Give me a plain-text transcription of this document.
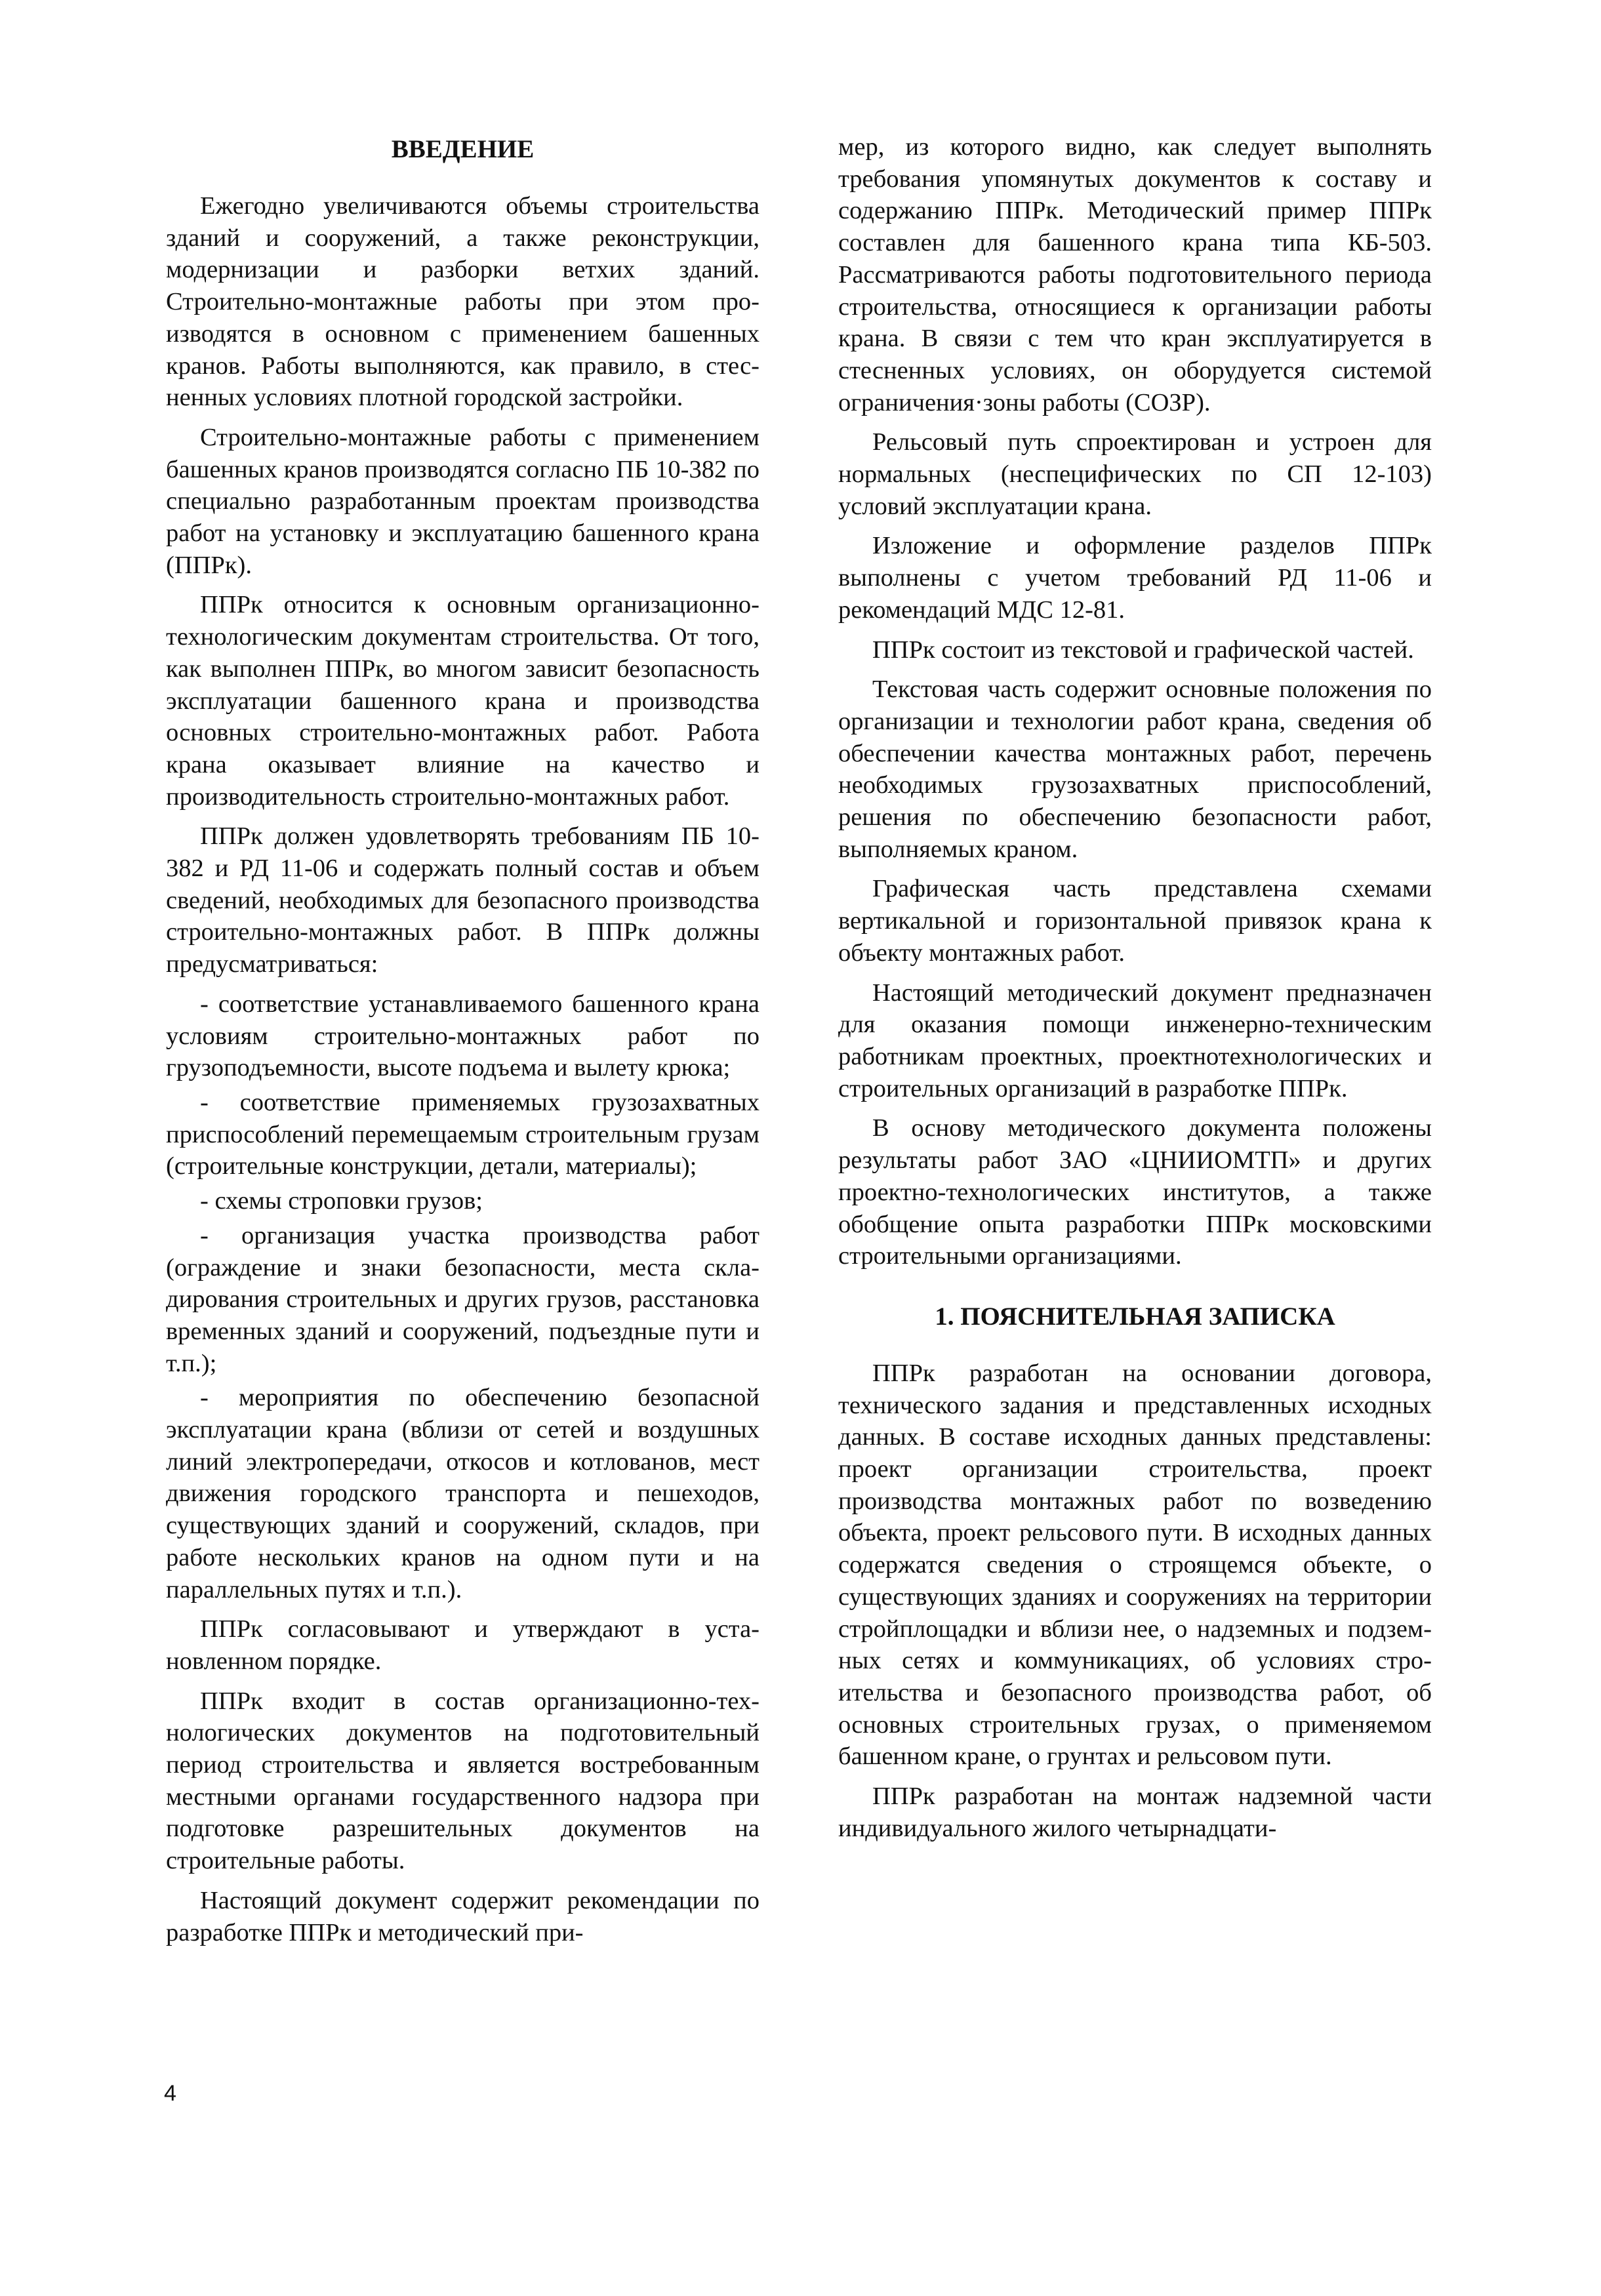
ВВЕДЕНИЕ

Ежегодно увеличиваются объемы строительства зданий и сооружений, а также реконструкции, модернизации и разборки ветхих зданий. Строительно-монтажные работы при этом производятся в основном с применением башенных кранов. Работы выполняются, как правило, в стесненных условиях плотной городской застройки.

Строительно-монтажные работы с применением башенных кранов производятся согласно ПБ 10-382 по специально разработанным проектам производства работ на установку и эксплуатацию башенного крана (ППРк).

ППРк относится к основным организационно-технологическим документам строительства. От того, как выполнен ППРк, во многом зависит безопасность эксплуатации башенного крана и производства основных строительно-монтажных работ. Работа крана оказывает влияние на качество и производительность строительно-монтажных работ.

ППРк должен удовлетворять требованиям ПБ 10-382 и РД 11-06 и содержать полный состав и объем сведений, необходимых для безопасного производства строительно-монтажных работ. В ППРк должны предусматриваться:

- соответствие устанавливаемого башенного крана условиям строительно-монтажных работ по грузоподъемности, высоте подъема и вылету крюка;

- соответствие применяемых грузозахватных приспособлений перемещаемым строительным грузам (строительные конструкции, детали, материалы);

- схемы строповки грузов;

- организация участка производства работ (ограждение и знаки безопасности, места складирования строительных и других грузов, расстановка временных зданий и сооружений, подъездные пути и т.п.);

- мероприятия по обеспечению безопасной эксплуатации крана (вблизи от сетей и воздушных линий электропередачи, откосов и котлованов, мест движения городского транспорта и пешеходов, существующих зданий и сооружений, складов, при работе нескольких кранов на одном пути и на параллельных путях и т.п.).

ППРк согласовывают и утверждают в установленном порядке.

ППРк входит в состав организационно-технологических документов на подготовительный период строительства и является востребованным местными органами государственного надзора при подготовке разрешительных документов на строительные работы.

Настоящий документ содержит рекомендации по разработке ППРк и методический при-

мер, из которого видно, как следует выполнять требования упомянутых документов к составу и содержанию ППРк. Методический пример ППРк составлен для башенного крана типа КБ-503. Рассматриваются работы подготовительного периода строительства, относящиеся к организации работы крана. В связи с тем что кран эксплуатируется в стесненных условиях, он оборудуется системой ограничения·зоны работы (СОЗР).

Рельсовый путь спроектирован и устроен для нормальных (неспецифических по СП 12-103) условий эксплуатации крана.

Изложение и оформление разделов ППРк выполнены с учетом требований РД 11-06 и рекомендаций МДС 12-81.

ППРк состоит из текстовой и графической частей.

Текстовая часть содержит основные положения по организации и технологии работ крана, сведения об обеспечении качества монтажных работ, перечень необходимых грузозахватных приспособлений, решения по обеспечению безопасности работ, выполняемых краном.

Графическая часть представлена схемами вертикальной и горизонтальной привязок крана к объекту монтажных работ.

Настоящий методический документ предназначен для оказания помощи инженерно-техническим работникам проектных, проектнотехнологических и строительных организаций в разработке ППРк.

В основу методического документа положены результаты работ ЗАО «ЦНИИОМТП» и других проектно-технологических институтов, а также обобщение опыта разработки ППРк московскими строительными организациями.

1. ПОЯСНИТЕЛЬНАЯ ЗАПИСКА

ППРк разработан на основании договора, технического задания и представленных исходных данных. В составе исходных данных представлены: проект организации строительства, проект производства монтажных работ по возведению объекта, проект рельсового пути. В исходных данных содержатся сведения о строящемся объекте, о существующих зданиях и сооружениях на территории стройплощадки и вблизи нее, о надземных и подземных сетях и коммуникациях, об условиях строительства и безопасного производства работ, об основных строительных грузах, о применяемом башенном кране, о грунтах и рельсовом пути.

ППРк разработан на монтаж надземной части индивидуального жилого четырнадцати-

4
